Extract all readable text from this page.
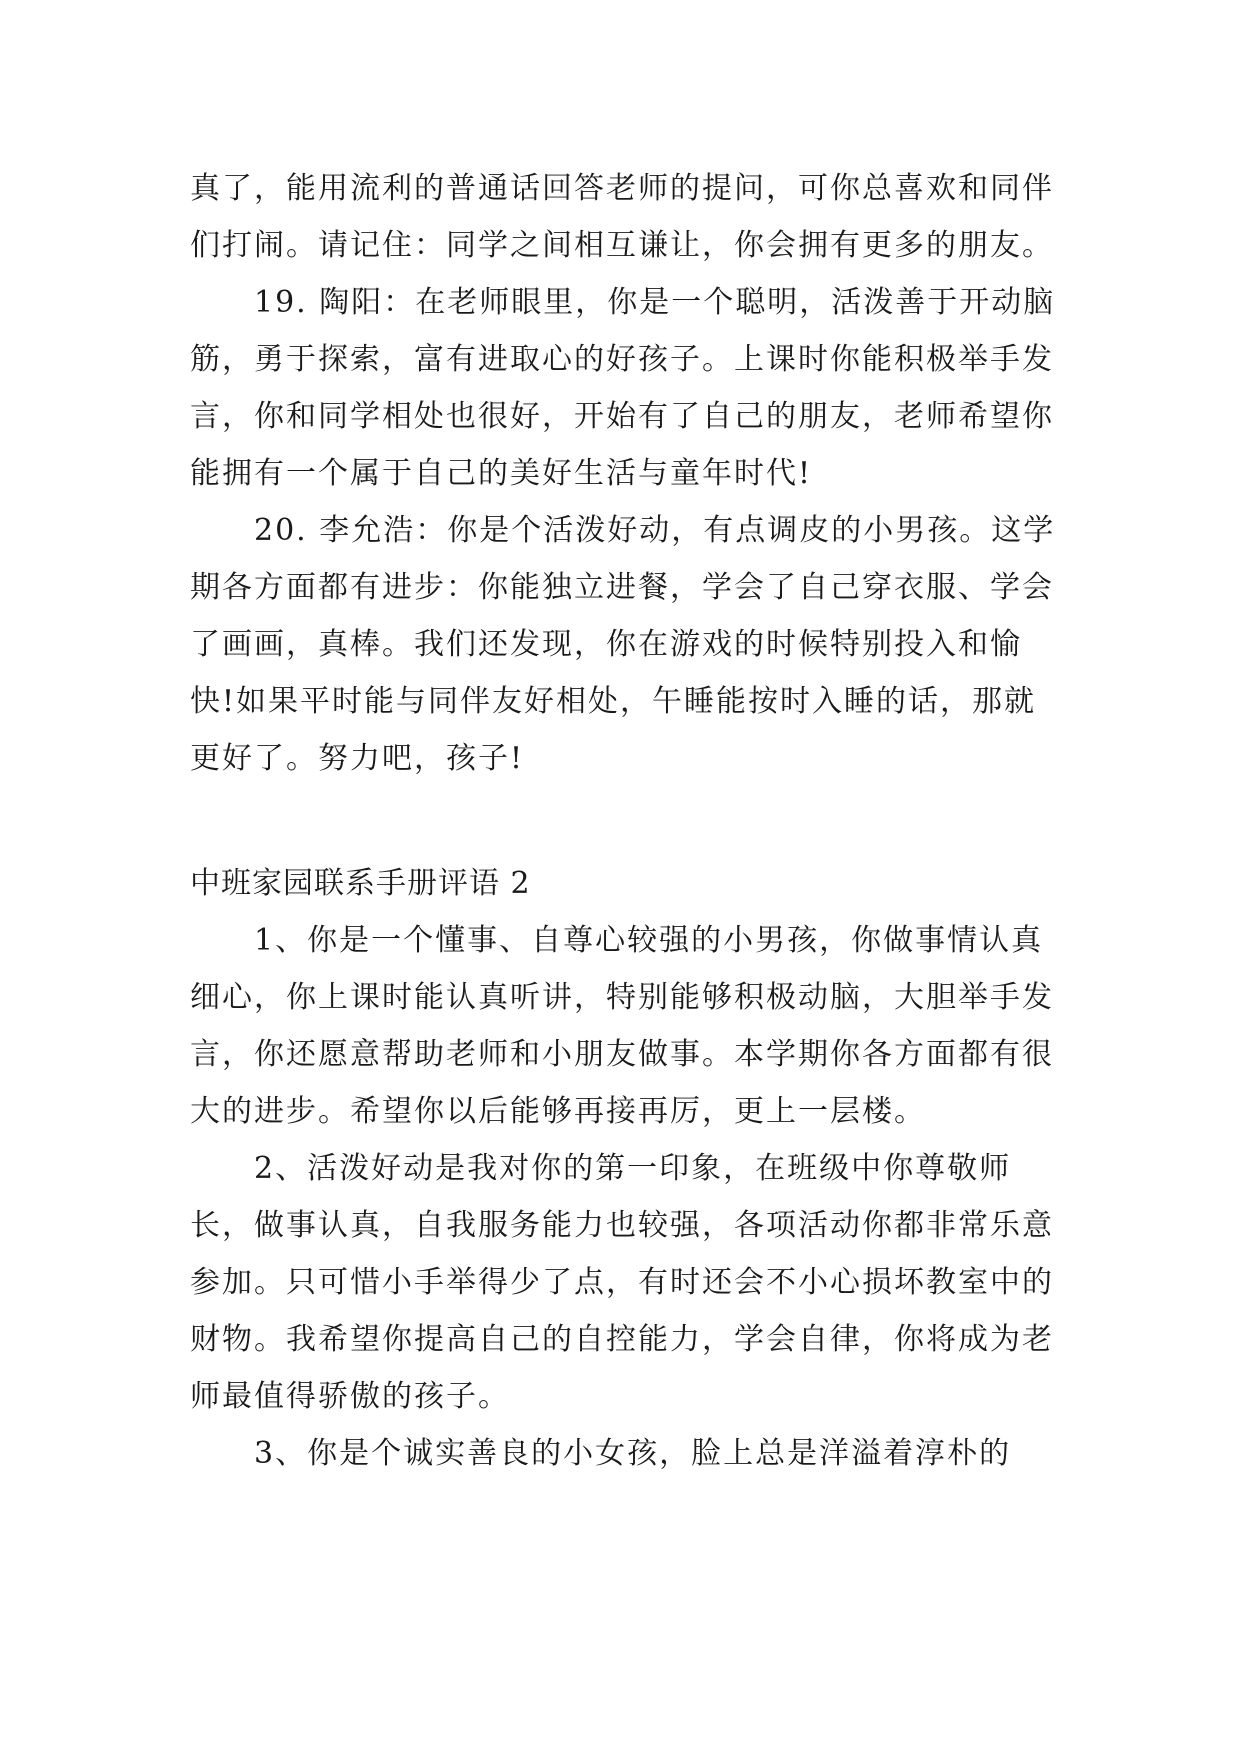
真了，能用流利的普通话回答老师的提问，可你总喜欢和同伴们打闹。请记住：同学之间相互谦让，你会拥有更多的朋友。

19. 陶阳：在老师眼里，你是一个聪明，活泼善于开动脑筋，勇于探索，富有进取心的好孩子。上课时你能积极举手发言，你和同学相处也很好，开始有了自己的朋友，老师希望你能拥有一个属于自己的美好生活与童年时代!

20. 李允浩：你是个活泼好动，有点调皮的小男孩。这学期各方面都有进步：你能独立进餐，学会了自己穿衣服、学会了画画，真棒。我们还发现，你在游戏的时候特别投入和愉快!如果平时能与同伴友好相处，午睡能按时入睡的话，那就更好了。努力吧，孩子!

中班家园联系手册评语 2

1、你是一个懂事、自尊心较强的小男孩，你做事情认真细心，你上课时能认真听讲，特别能够积极动脑，大胆举手发言，你还愿意帮助老师和小朋友做事。本学期你各方面都有很大的进步。希望你以后能够再接再厉，更上一层楼。

2、活泼好动是我对你的第一印象，在班级中你尊敬师长，做事认真，自我服务能力也较强，各项活动你都非常乐意参加。只可惜小手举得少了点，有时还会不小心损坏教室中的财物。我希望你提高自己的自控能力，学会自律，你将成为老师最值得骄傲的孩子。

3、你是个诚实善良的小女孩，脸上总是洋溢着淳朴的
